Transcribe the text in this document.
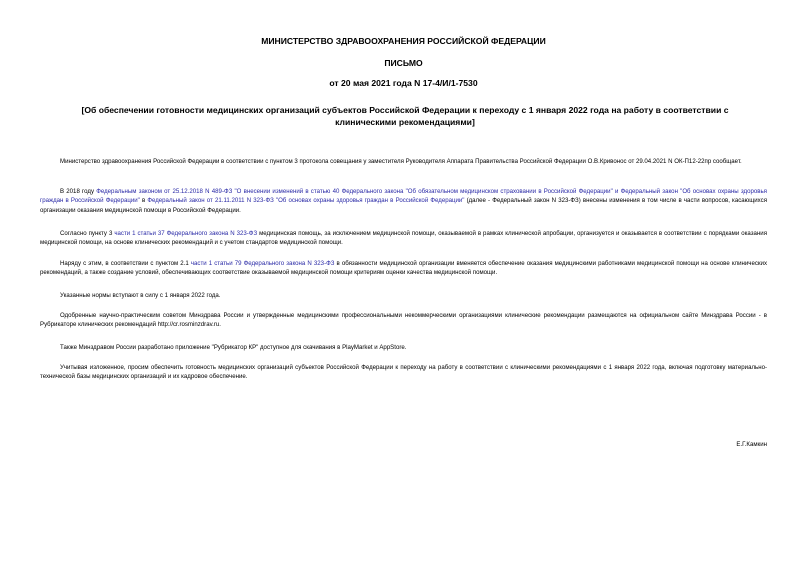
МИНИСТЕРСТВО ЗДРАВООХРАНЕНИЯ РОССИЙСКОЙ ФЕДЕРАЦИИ
ПИСЬМО
от 20 мая 2021 года N 17-4/И/1-7530
[Об обеспечении готовности медицинских организаций субъектов Российской Федерации к переходу с 1 января 2022 года на работу в соответствии с клиническими рекомендациями]

Министерство здравоохранения Российской Федерации в соответствии с пунктом 3 протокола совещания у заместителя Руководителя Аппарата Правительства Российской Федерации О.В.Кривонос от 29.04.2021 N ОК-П12-22пр сообщает.

В 2018 году Федеральным законом от 25.12.2018 N 489-ФЗ "О внесении изменений в статью 40 Федерального закона "Об обязательном медицинском страховании в Российской Федерации" и Федеральный закон "Об основах охраны здоровья граждан в Российской Федерации" в Федеральный закон от 21.11.2011 N 323-ФЗ "Об основах охраны здоровья граждан в Российской Федерации" (далее - Федеральный закон N 323-ФЗ) внесены изменения в том числе в части вопросов, касающихся организации оказания медицинской помощи в Российской Федерации.

Согласно пункту 3 части 1 статьи 37 Федерального закона N 323-ФЗ медицинская помощь, за исключением медицинской помощи, оказываемой в рамках клинической апробации, организуется и оказывается в соответствии с порядками оказания медицинской помощи, на основе клинических рекомендаций и с учетом стандартов медицинской помощи.

Наряду с этим, в соответствии с пунктом 2.1 части 1 статьи 79 Федерального закона N 323-ФЗ в обязанности медицинской организации вменяется обеспечение оказания медицинскими работниками медицинской помощи на основе клинических рекомендаций, а также создание условий, обеспечивающих соответствие оказываемой медицинской помощи критериям оценки качества медицинской помощи.

Указанные нормы вступают в силу с 1 января 2022 года.

Одобренные научно-практическим советом Минздрава России и утвержденные медицинскими профессиональными некоммерческими организациями клинические рекомендации размещаются на официальном сайте Минздрава России - в Рубрикаторе клинических рекомендаций http://cr.rosminzdrav.ru.

Также Минздравом России разработано приложение "Рубрикатор КР" доступное для скачивания в PlayMarket и AppStore.

Учитывая изложенное, просим обеспечить готовность медицинских организаций субъектов Российской Федерации к переходу на работу в соответствии с клиническими рекомендациями с 1 января 2022 года, включая подготовку материально-технической базы медицинских организаций и их кадровое обеспечение.

Е.Г.Камкин
